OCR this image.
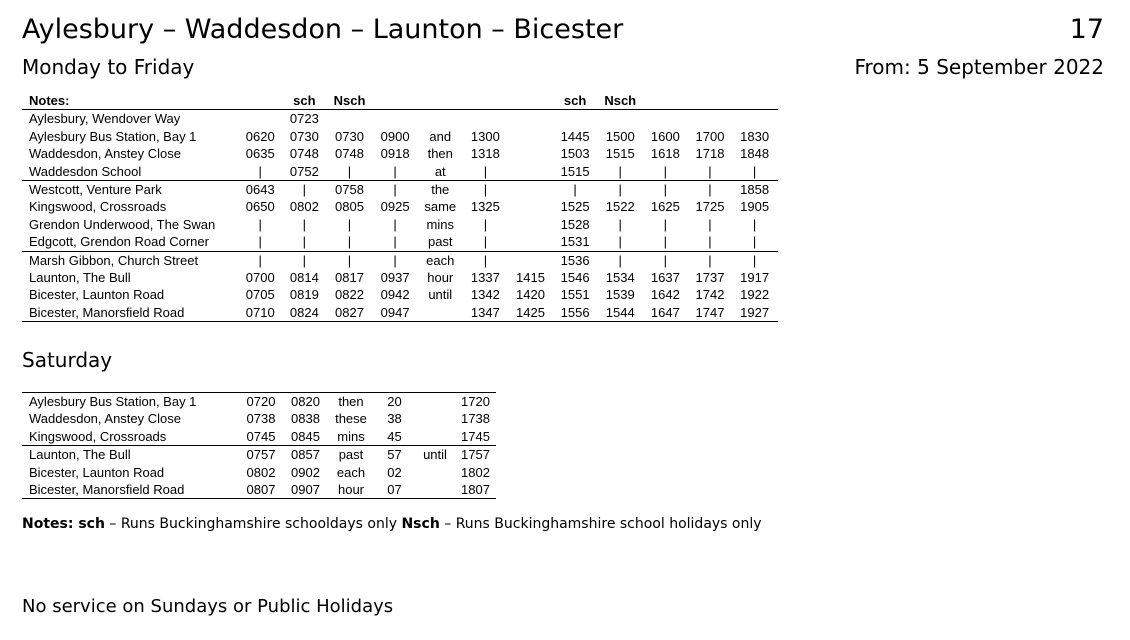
Aylesbury – Waddesdon – Launton – Bicester	17
Monday to Friday	From: 5 September 2022
Notes:		sch	Nsch					sch	Nsch				
Aylesbury, Wendover Way		0723											
Aylesbury Bus Station, Bay 1	0620	0730	0730	0900	and	1300		1445	1500	1600	1700	1830	
Waddesdon, Anstey Close	0635	0748	0748	0918	then	1318		1503	1515	1618	1718	1848	
Waddesdon School	|	0752	|	|	at	|		1515	|	|	|	|	
Westcott, Venture Park	0643	|	0758	|	the	|		|	|	|	|	1858	
Kingswood, Crossroads	0650	0802	0805	0925	same	1325		1525	1522	1625	1725	1905	
Grendon Underwood, The Swan	|	|	|	|	mins	|		1528	|	|	|	|	
Edgcott, Grendon Road Corner	|	|	|	|	past	|		1531	|	|	|	|	
Marsh Gibbon, Church Street	|	|	|	|	each	|		1536	|	|	|	|	
Launton, The Bull	0700	0814	0817	0937	hour	1337	1415	1546	1534	1637	1737	1917	
Bicester, Launton Road	0705	0819	0822	0942	until	1342	1420	1551	1539	1642	1742	1922	
Bicester, Manorsfield Road	0710	0824	0827	0947		1347	1425	1556	1544	1647	1747	1927	
Saturday
Aylesbury Bus Station, Bay 1	0720	0820	then	20		1720
Waddesdon, Anstey Close	0738	0838	these	38		1738
Kingswood, Crossroads	0745	0845	mins	45		1745
Launton, The Bull	0757	0857	past	57	until	1757
Bicester, Launton Road	0802	0902	each	02		1802
Bicester, Manorsfield Road	0807	0907	hour	07		1807
Notes: sch – Runs Buckinghamshire schooldays only Nsch – Runs Buckinghamshire school holidays only
No service on Sundays or Public Holidays
